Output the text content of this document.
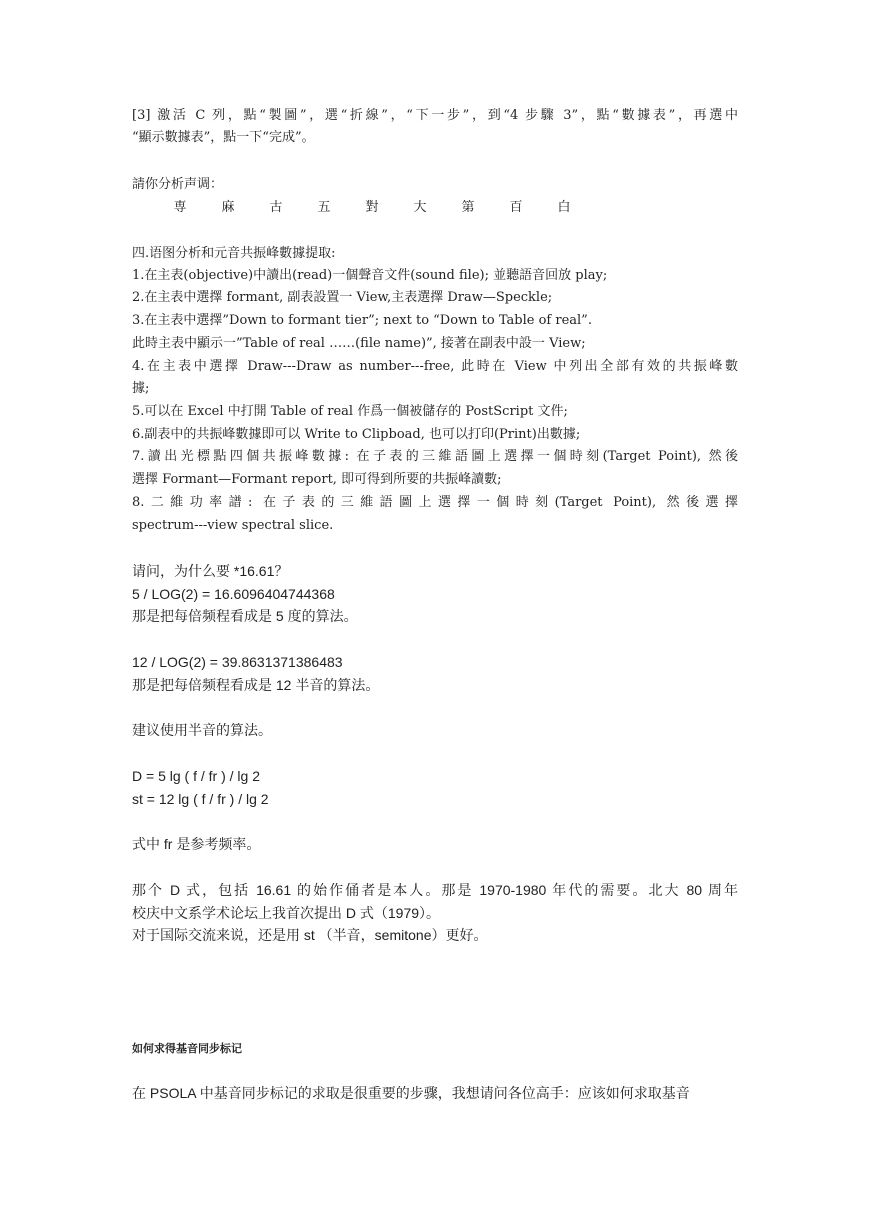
[3] 激活 C 列，點“製圖”，選“折線”，“下一步”，到“4 步驟 3”，點“數據表”，再選中
“顯示數據表”，點一下“完成”。
請你分析声调：
専	麻	古	五	對	大	第	百	白
四.语图分析和元音共振峰數據提取:
1.在主表(objective)中讀出(read)一個聲音文件(sound file); 並聽語音回放 play;
2.在主表中選擇 formant, 副表設置一 View,主表選擇 Draw—Speckle;
3.在主表中選擇”Down to formant tier”; next to “Down to Table of real”.
此時主表中顯示一”Table of real ……(file name)”, 接著在副表中設一 View;
4.在主表中選擇 Draw---Draw as number---free, 此時在 View 中列出全部有效的共振峰數
據;
5.可以在 Excel 中打開 Table of real 作爲一個被儲存的 PostScript 文件;
6.副表中的共振峰數據即可以 Write to Clipboad, 也可以打印(Print)出數據;
7.讀出光標點四個共振峰數據: 在子表的三維語圖上選擇一個時刻(Target Point), 然後
選擇 Formant—Formant report, 即可得到所要的共振峰讀數;
8.二維功率譜: 在子表的三維語圖上選擇一個時刻(Target Point), 然後選擇
spectrum---view spectral slice.
请问，为什么要 *16.61？
5 / LOG(2) = 16.6096404744368
那是把每倍频程看成是 5 度的算法。
12 / LOG(2) = 39.8631371386483
那是把每倍频程看成是 12 半音的算法。
建议使用半音的算法。
D = 5 lg ( f / fr ) / lg 2
st = 12 lg ( f / fr ) / lg 2
式中 fr 是参考频率。
那个 D 式，包括 16.61 的始作俑者是本人。那是 1970-1980 年代的需要。北大 80 周年
校庆中文系学术论坛上我首次提出 D 式（1979）。
对于国际交流来说，还是用 st （半音，semitone）更好。
如何求得基音同步标记
在 PSOLA 中基音同步标记的求取是很重要的步骤，我想请问各位高手：应该如何求取基音
